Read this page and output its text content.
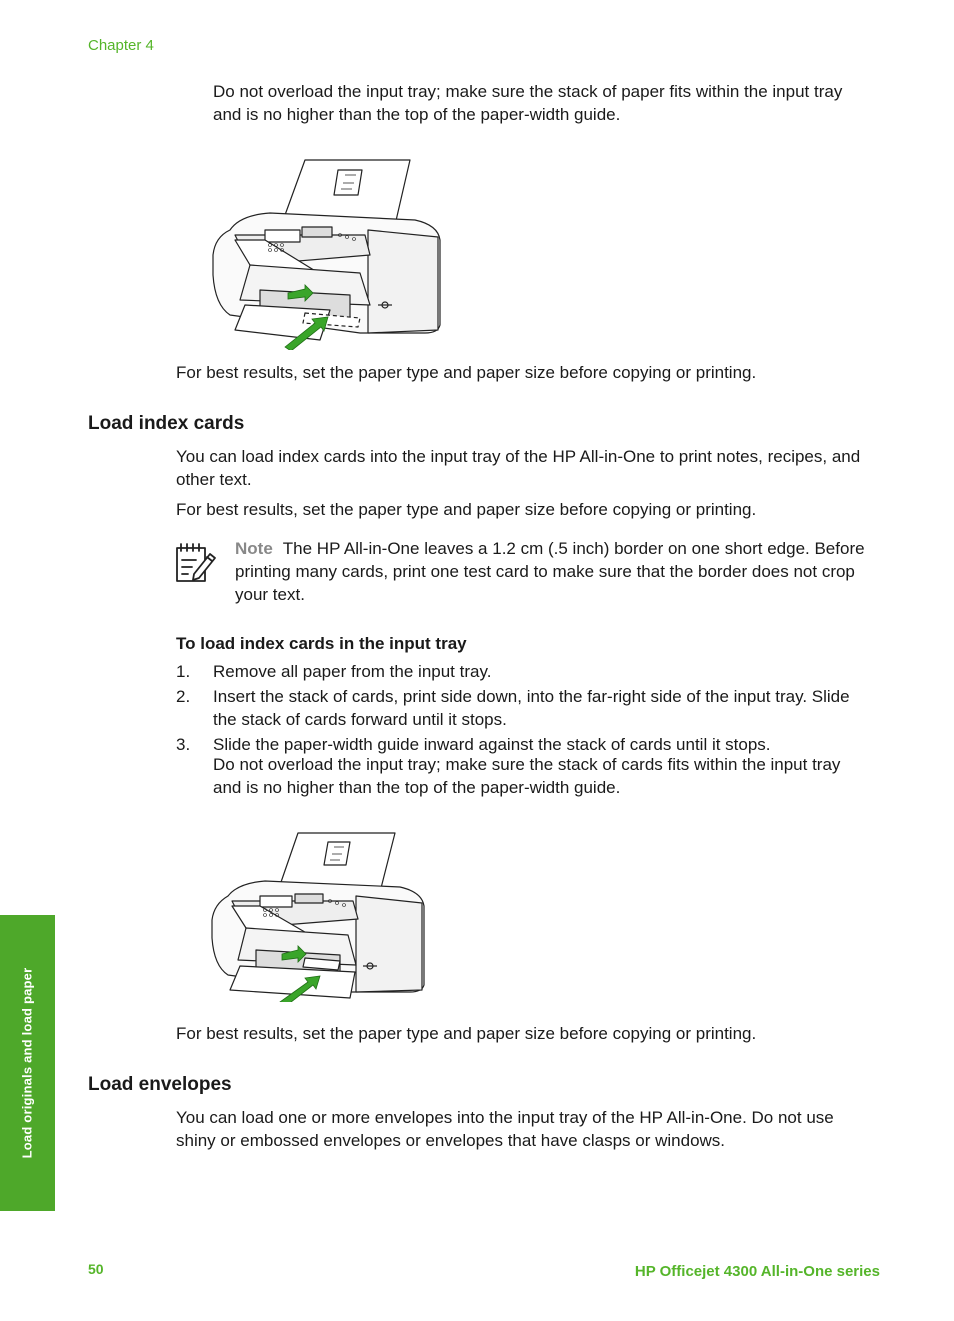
Chapter 4

Do not overload the input tray; make sure the stack of paper fits within the input tray and is no higher than the top of the paper-width guide.

For best results, set the paper type and paper size before copying or printing.

Load index cards

You can load index cards into the input tray of the HP All-in-One to print notes, recipes, and other text.

For best results, set the paper type and paper size before copying or printing.

Note The HP All-in-One leaves a 1.2 cm (.5 inch) border on one short edge. Before printing many cards, print one test card to make sure that the border does not crop your text.
To load index cards in the input tray
1. Remove all paper from the input tray.
2. Insert the stack of cards, print side down, into the far-right side of the input tray. Slide the stack of cards forward until it stops.
3. Slide the paper-width guide inward against the stack of cards until it stops.

Do not overload the input tray; make sure the stack of cards fits within the input tray and is no higher than the top of the paper-width guide.

For best results, set the paper type and paper size before copying or printing.

Load envelopes

You can load one or more envelopes into the input tray of the HP All-in-One. Do not use shiny or embossed envelopes or envelopes that have clasps or windows.

Load originals and load paper
50	HP Officejet 4300 All-in-One series
